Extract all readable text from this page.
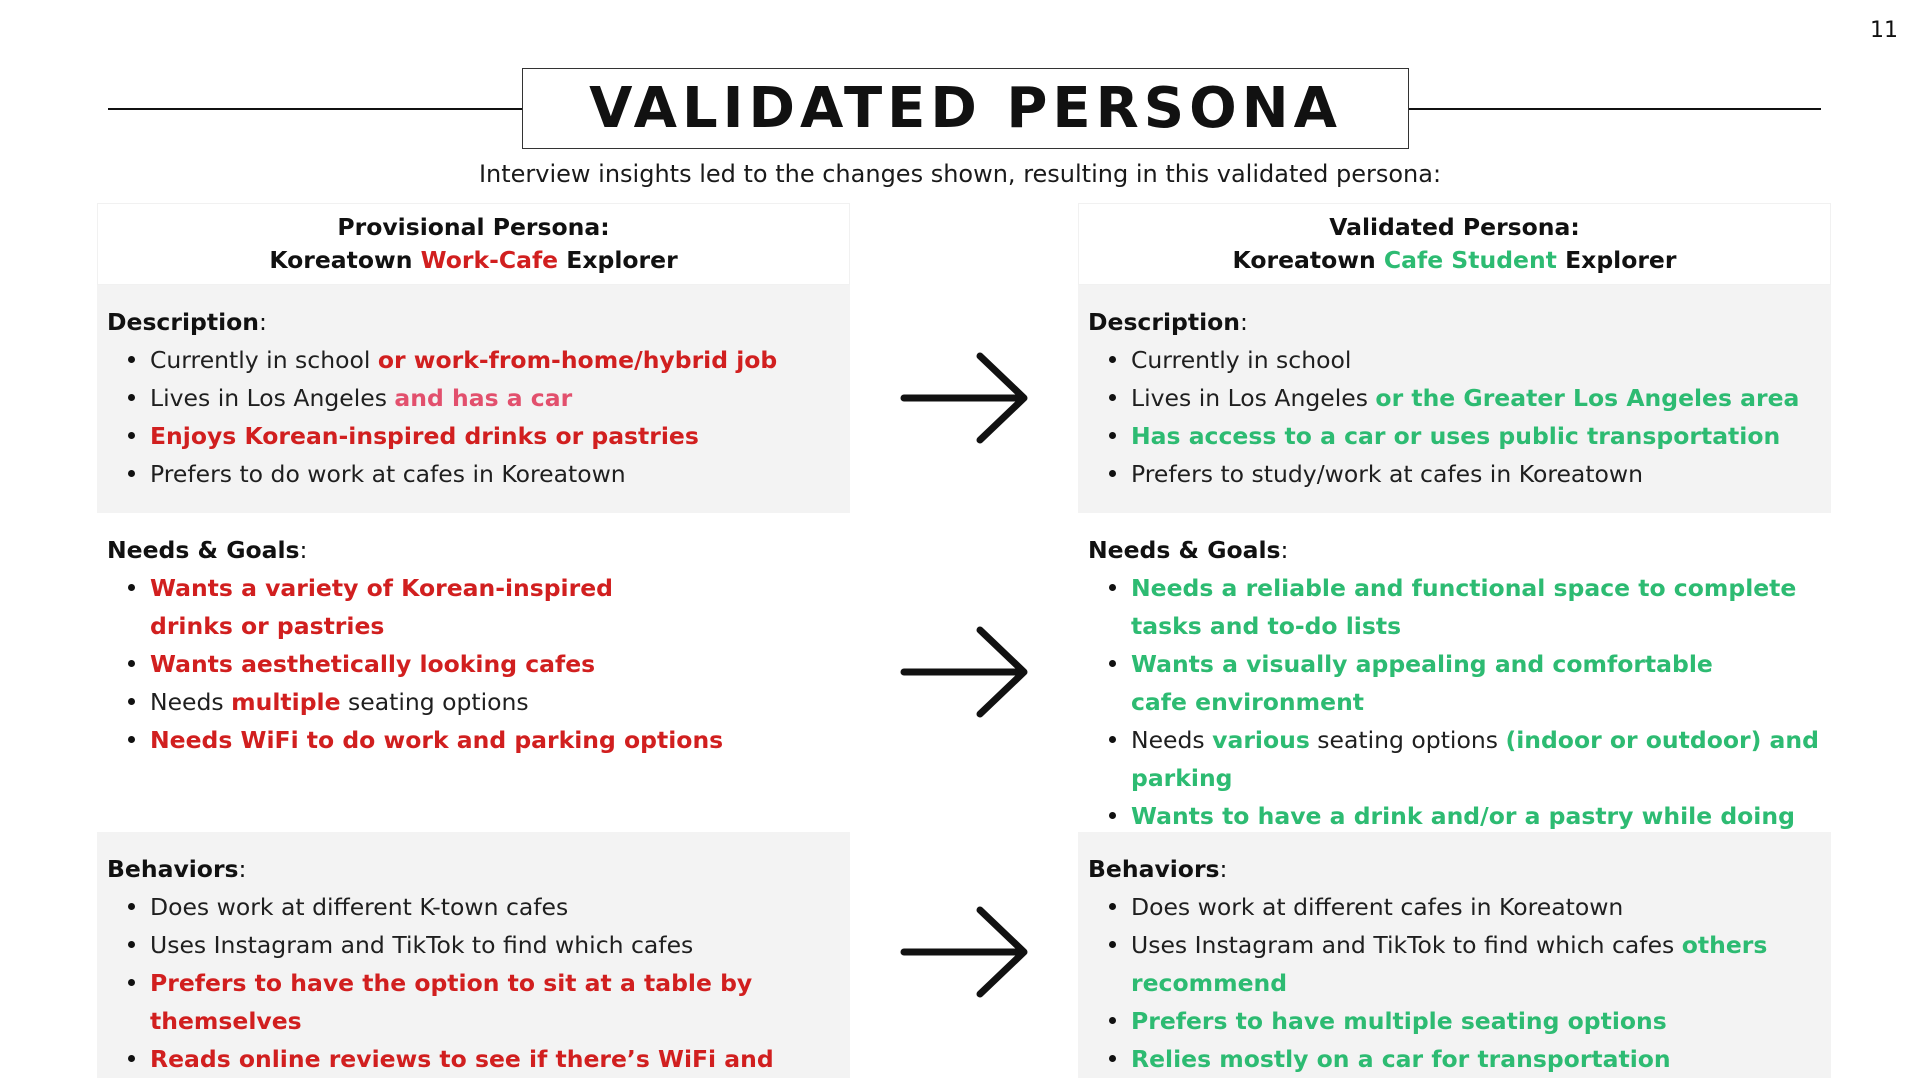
11
VALIDATED PERSONA
Interview insights led to the changes shown, resulting in this validated persona:
Provisional Persona:
Koreatown Work-Cafe Explorer
Description:
Currently in school or work-from-home/hybrid job
Lives in Los Angeles and has a car
Enjoys Korean-inspired drinks or pastries
Prefers to do work at cafes in Koreatown
Needs & Goals:
Wants a variety of Korean-inspired drinks or pastries
Wants aesthetically looking cafes
Needs multiple seating options
Needs WiFi to do work and parking options
Behaviors:
Does work at different K-town cafes
Uses Instagram and TikTok to find which cafes
Prefers to have the option to sit at a table by themselves
Reads online reviews to see if there’s WiFi and
Validated Persona:
Koreatown Cafe Student Explorer
Description:
Currently in school
Lives in Los Angeles or the Greater Los Angeles area
Has access to a car or uses public transportation
Prefers to study/work at cafes in Koreatown
Needs & Goals:
Needs a reliable and functional space to complete tasks and to-do lists
Wants a visually appealing and comfortable cafe environment
Needs various seating options (indoor or outdoor) and parking
Wants to have a drink and/or a pastry while doing
Behaviors:
Does work at different cafes in Koreatown
Uses Instagram and TikTok to find which cafes others recommend
Prefers to have multiple seating options
Relies mostly on a car for transportation
